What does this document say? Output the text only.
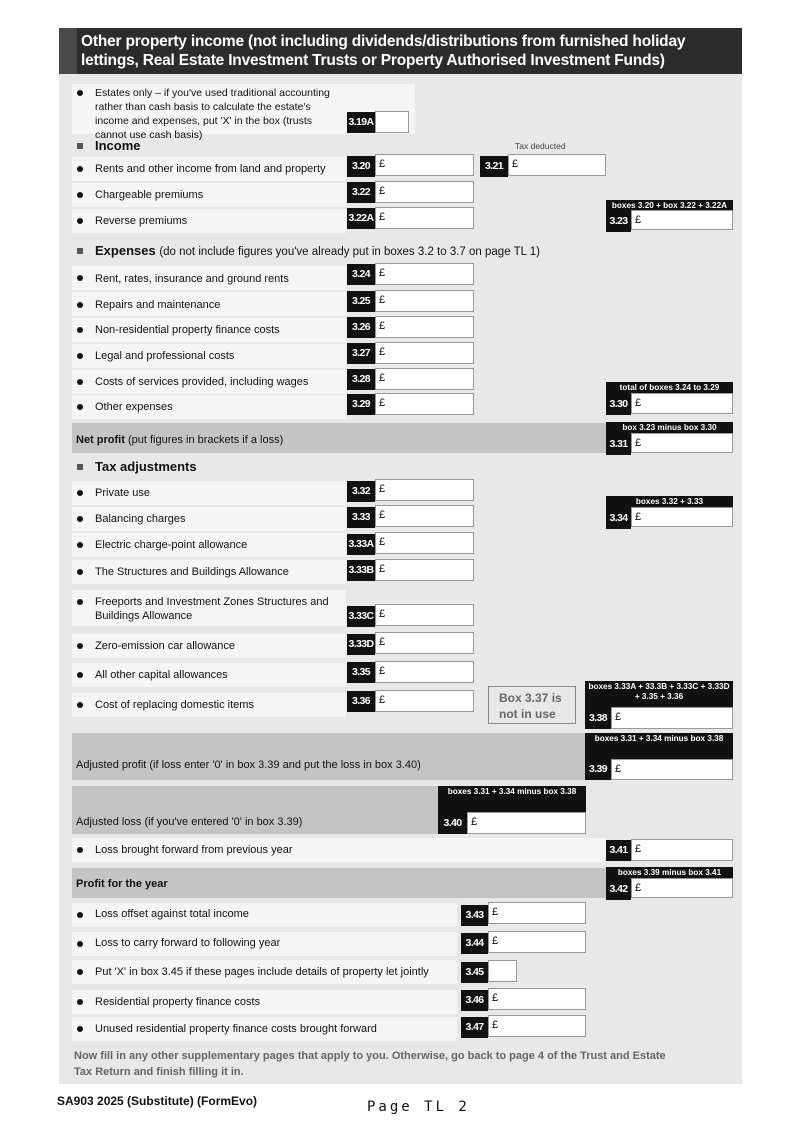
Other property income (not including dividends/distributions from furnished holiday lettings, Real Estate Investment Trusts or Property Authorised Investment Funds)
Estates only – if you've used traditional accounting rather than cash basis to calculate the estate's income and expenses, put 'X' in the box (trusts cannot use cash basis)
3.19A
Income	Tax deducted
Rents and other income from land and property	3.20 £	3.21 £
Chargeable premiums	3.22 £
Reverse premiums	3.22A £
boxes 3.20 + box 3.22 + 3.22A
3.23 £
Expenses (do not include figures you've already put in boxes 3.2 to 3.7 on page TL 1)
Rent, rates, insurance and ground rents	3.24 £
Repairs and maintenance	3.25 £
Non-residential property finance costs	3.26 £
Legal and professional costs	3.27 £
Costs of services provided, including wages	3.28 £
Other expenses	3.29 £
total of boxes 3.24 to 3.29
3.30 £
Net profit (put figures in brackets if a loss)
box 3.23 minus box 3.30
3.31 £
Tax adjustments
Private use	3.32 £
Balancing charges	3.33 £
boxes 3.32 + 3.33
3.34 £
Electric charge-point allowance	3.33A £
The Structures and Buildings Allowance	3.33B £
Freeports and Investment Zones Structures and
Buildings Allowance	3.33C £
Zero-emission car allowance	3.33D £
All other capital allowances	3.35 £
Cost of replacing domestic items	3.36 £	Box 3.37 is not in use
boxes 3.33A + 33.3B + 3.33C + 3.33D + 3.35 + 3.36
3.38 £
Adjusted profit (if loss enter '0' in box 3.39 and put the loss in box 3.40)
boxes 3.31 + 3.34 minus box 3.38
3.39 £
Adjusted loss (if you've entered '0' in box 3.39)
boxes 3.31 + 3.34 minus box 3.38
3.40 £
Loss brought forward from previous year	3.41 £
Profit for the year
boxes 3.39 minus box 3.41
3.42 £
Loss offset against total income	3.43 £
Loss to carry forward to following year	3.44 £
Put 'X' in box 3.45 if these pages include details of property let jointly	3.45
Residential property finance costs	3.46 £
Unused residential property finance costs brought forward	3.47 £
Now fill in any other supplementary pages that apply to you. Otherwise, go back to page 4 of the Trust and Estate Tax Return and finish filling it in.
SA903 2025 (Substitute) (FormEvo)	Page TL 2
